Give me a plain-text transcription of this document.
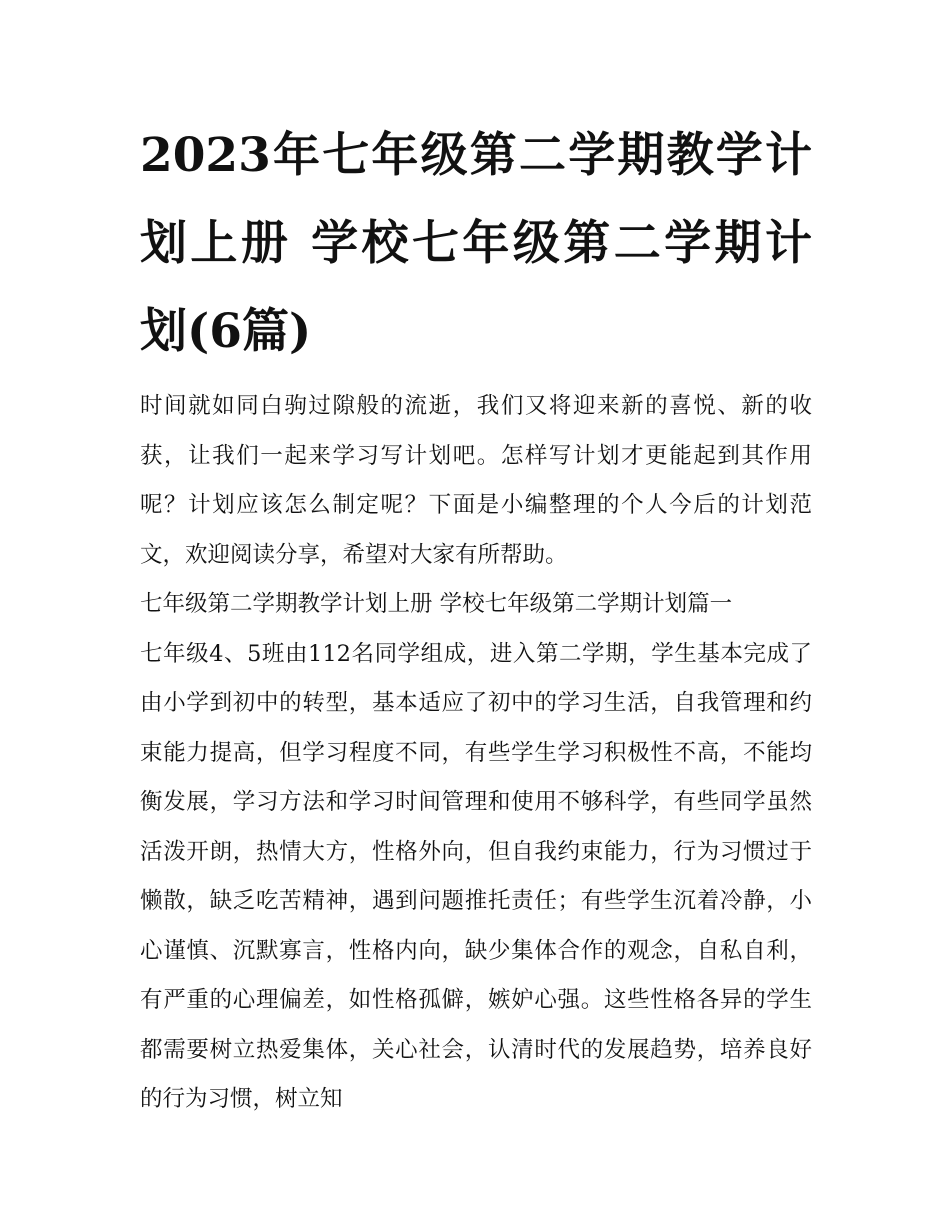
2023年七年级第二学期教学计划上册 学校七年级第二学期计划(6篇)

时间就如同白驹过隙般的流逝，我们又将迎来新的喜悦、新的收获，让我们一起来学习写计划吧。怎样写计划才更能起到其作用呢？计划应该怎么制定呢？下面是小编整理的个人今后的计划范文，欢迎阅读分享，希望对大家有所帮助。

七年级第二学期教学计划上册 学校七年级第二学期计划篇一

七年级4、5班由112名同学组成，进入第二学期，学生基本完成了由小学到初中的转型，基本适应了初中的学习生活，自我管理和约束能力提高，但学习程度不同，有些学生学习积极性不高，不能均衡发展，学习方法和学习时间管理和使用不够科学，有些同学虽然活泼开朗，热情大方，性格外向，但自我约束能力，行为习惯过于懒散，缺乏吃苦精神，遇到问题推托责任；有些学生沉着冷静，小心谨慎、沉默寡言，性格内向，缺少集体合作的观念，自私自利，有严重的心理偏差，如性格孤僻，嫉妒心强。这些性格各异的学生都需要树立热爱集体，关心社会，认清时代的发展趋势，培养良好的行为习惯，树立知
